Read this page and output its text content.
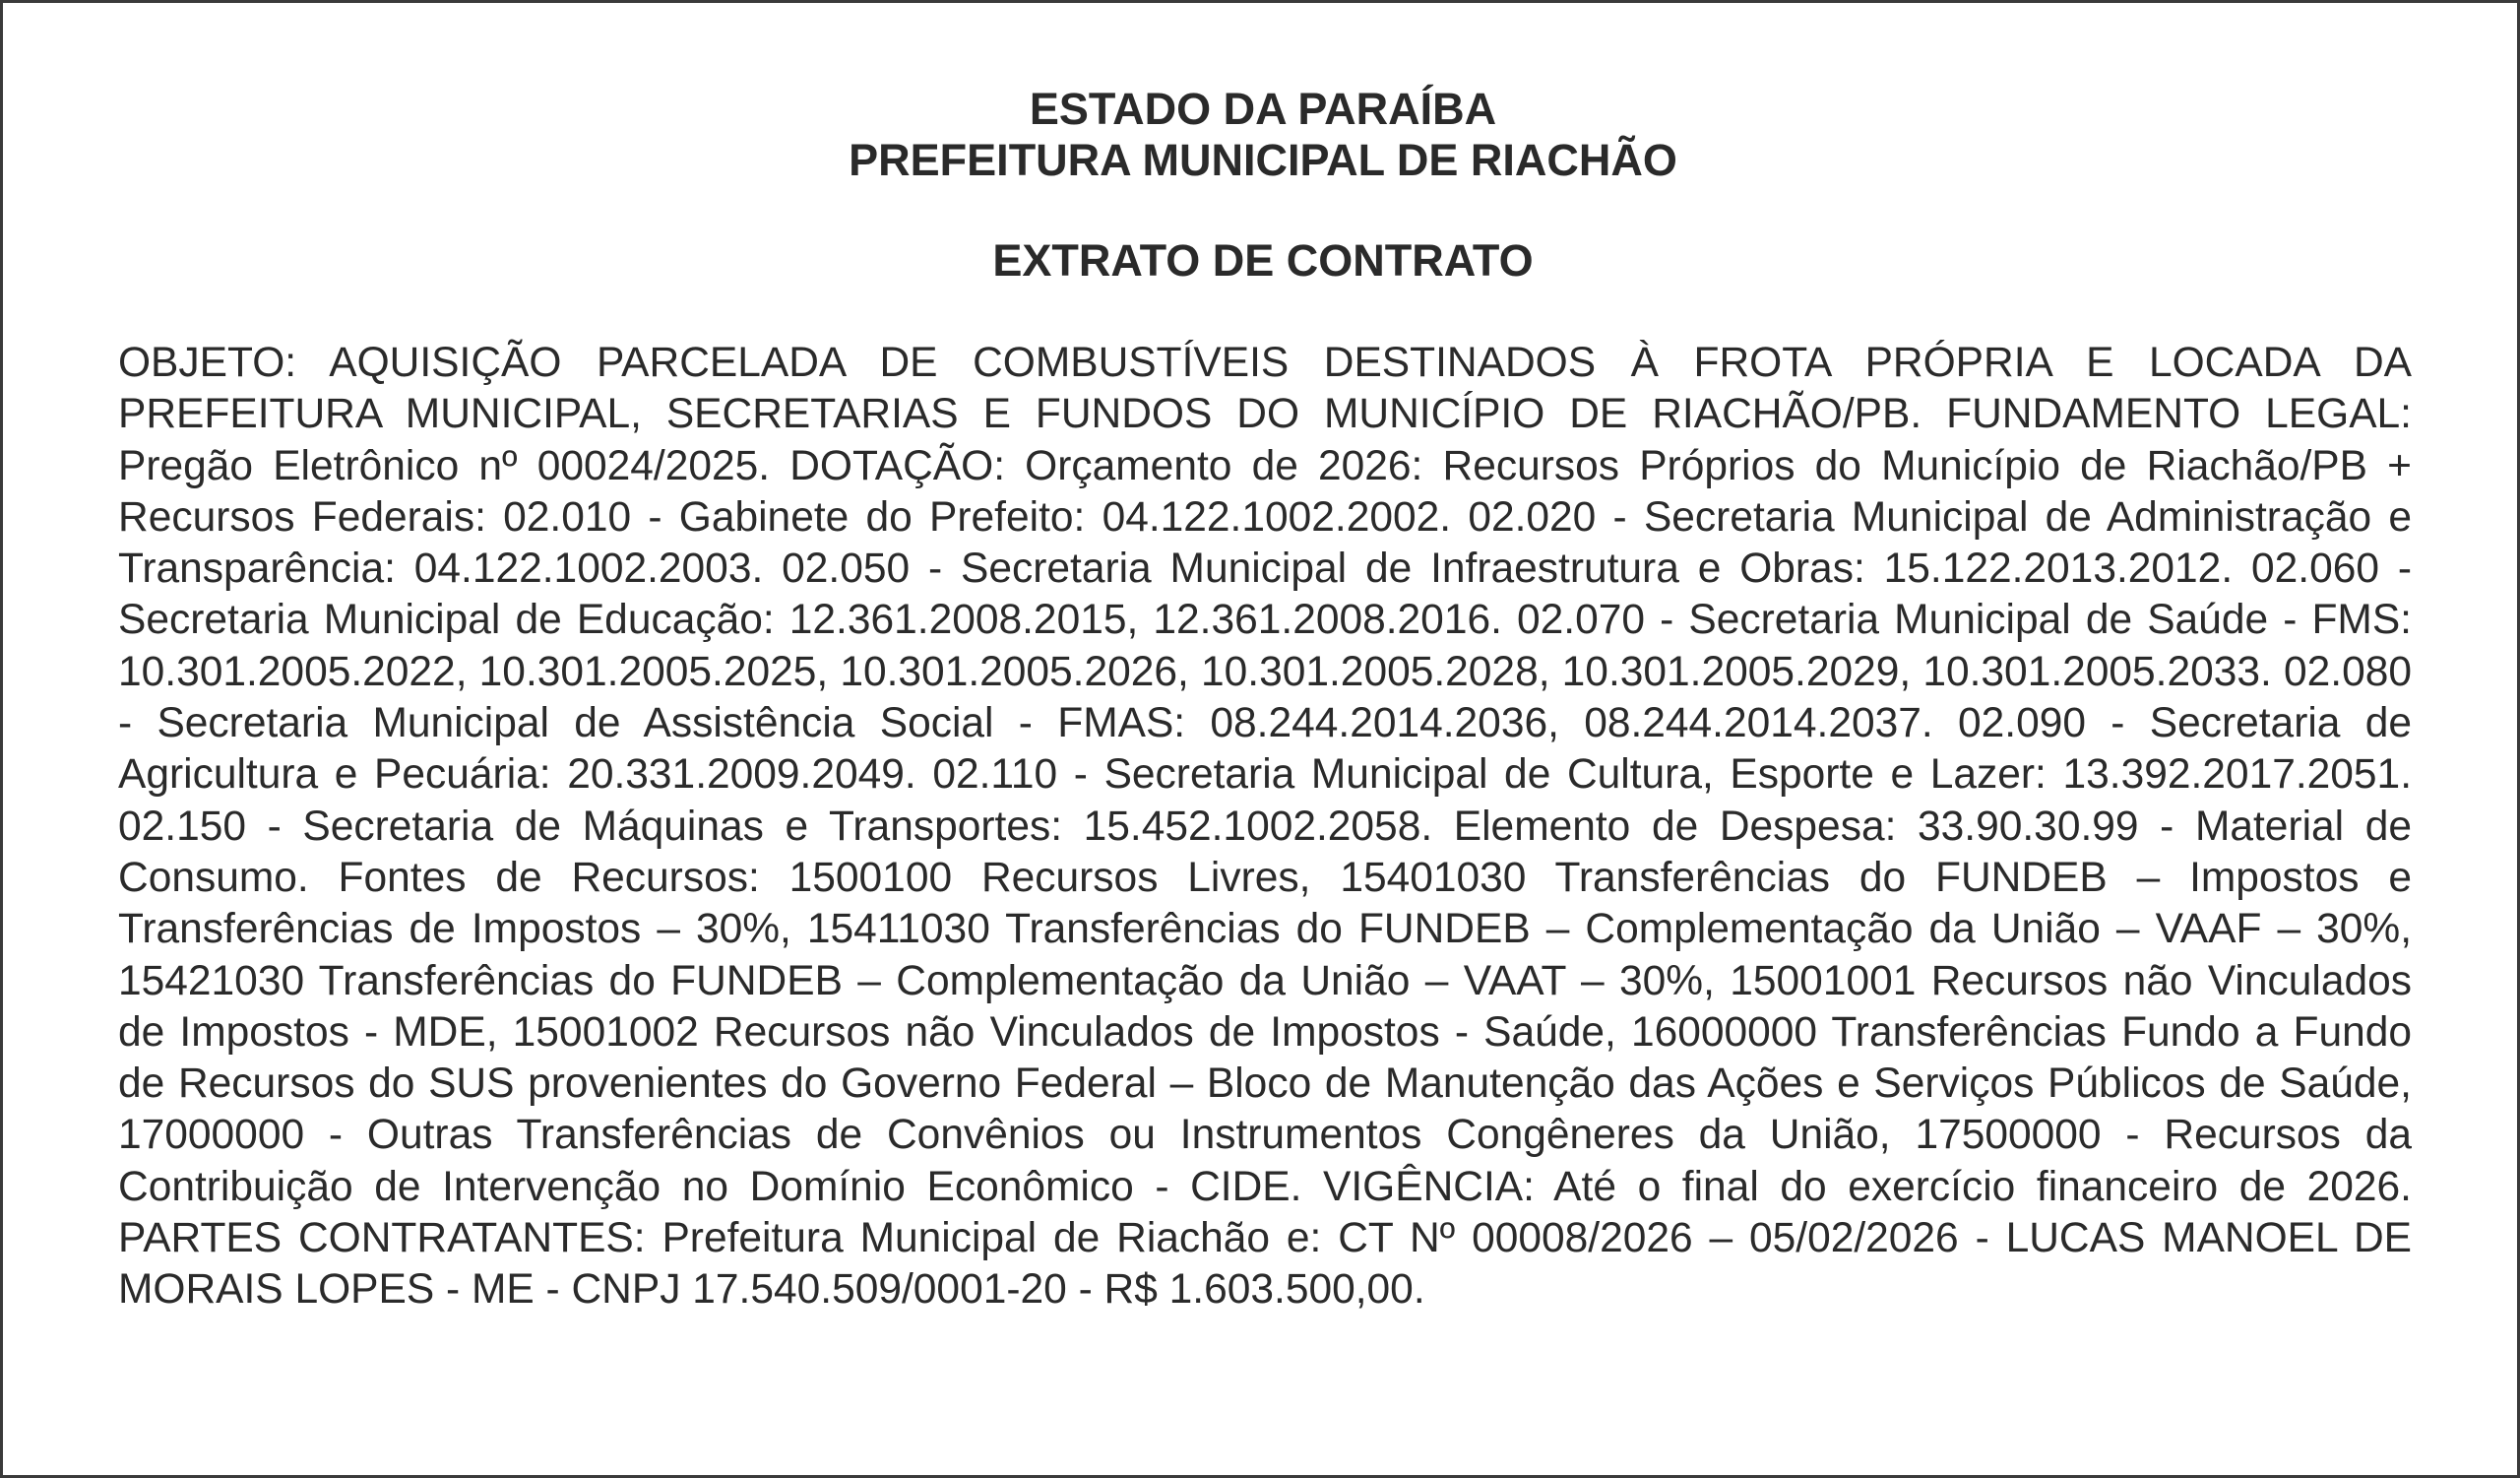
ESTADO DA PARAÍBA
PREFEITURA MUNICIPAL DE RIACHÃO
EXTRATO DE CONTRATO

OBJETO: AQUISIÇÃO PARCELADA DE COMBUSTÍVEIS DESTINADOS À FROTA PRÓPRIA E LOCADA DA PREFEITURA MUNICIPAL, SECRETARIAS E FUNDOS DO MUNICÍPIO DE RIACHÃO/PB. FUNDAMENTO LEGAL: Pregão Eletrônico nº 00024/2025. DOTAÇÃO: Orçamento de 2026: Recursos Próprios do Município de Riachão/PB + Recursos Federais: 02.010 - Gabinete do Prefeito: 04.122.1002.2002. 02.020 - Secretaria Municipal de Administração e Transparência: 04.122.1002.2003. 02.050 - Secretaria Municipal de Infraestrutura e Obras: 15.122.2013.2012. 02.060 - Secretaria Municipal de Educação: 12.361.2008.2015, 12.361.2008.2016. 02.070 - Secretaria Municipal de Saúde - FMS: 10.301.2005.2022, 10.301.2005.2025, 10.301.2005.2026, 10.301.2005.2028, 10.301.2005.2029, 10.301.2005.2033. 02.080 - Secretaria Municipal de Assistência Social - FMAS: 08.244.2014.2036, 08.244.2014.2037. 02.090 - Secretaria de Agricultura e Pecuária: 20.331.2009.2049. 02.110 - Secretaria Municipal de Cultura, Esporte e Lazer: 13.392.2017.2051. 02.150 - Secretaria de Máquinas e Transportes: 15.452.1002.2058. Elemento de Despesa: 33.90.30.99 - Material de Consumo. Fontes de Recursos: 1500100 Recursos Livres, 15401030 Transferências do FUNDEB – Impostos e Transferências de Impostos – 30%, 15411030 Transferências do FUNDEB – Complementação da União – VAAF – 30%, 15421030 Transferências do FUNDEB – Complementação da União – VAAT – 30%, 15001001 Recursos não Vinculados de Impostos - MDE, 15001002 Recursos não Vinculados de Impostos - Saúde, 16000000 Transferências Fundo a Fundo de Recursos do SUS provenientes do Governo Federal – Bloco de Manutenção das Ações e Serviços Públicos de Saúde, 17000000 - Outras Transferências de Convênios ou Instrumentos Congêneres da União, 17500000 - Recursos da Contribuição de Intervenção no Domínio Econômico - CIDE. VIGÊNCIA: Até o final do exercício financeiro de 2026. PARTES CONTRATANTES: Prefeitura Municipal de Riachão e: CT Nº 00008/2026 – 05/02/2026 - LUCAS MANOEL DE MORAIS LOPES - ME - CNPJ 17.540.509/0001-20 - R$ 1.603.500,00.
